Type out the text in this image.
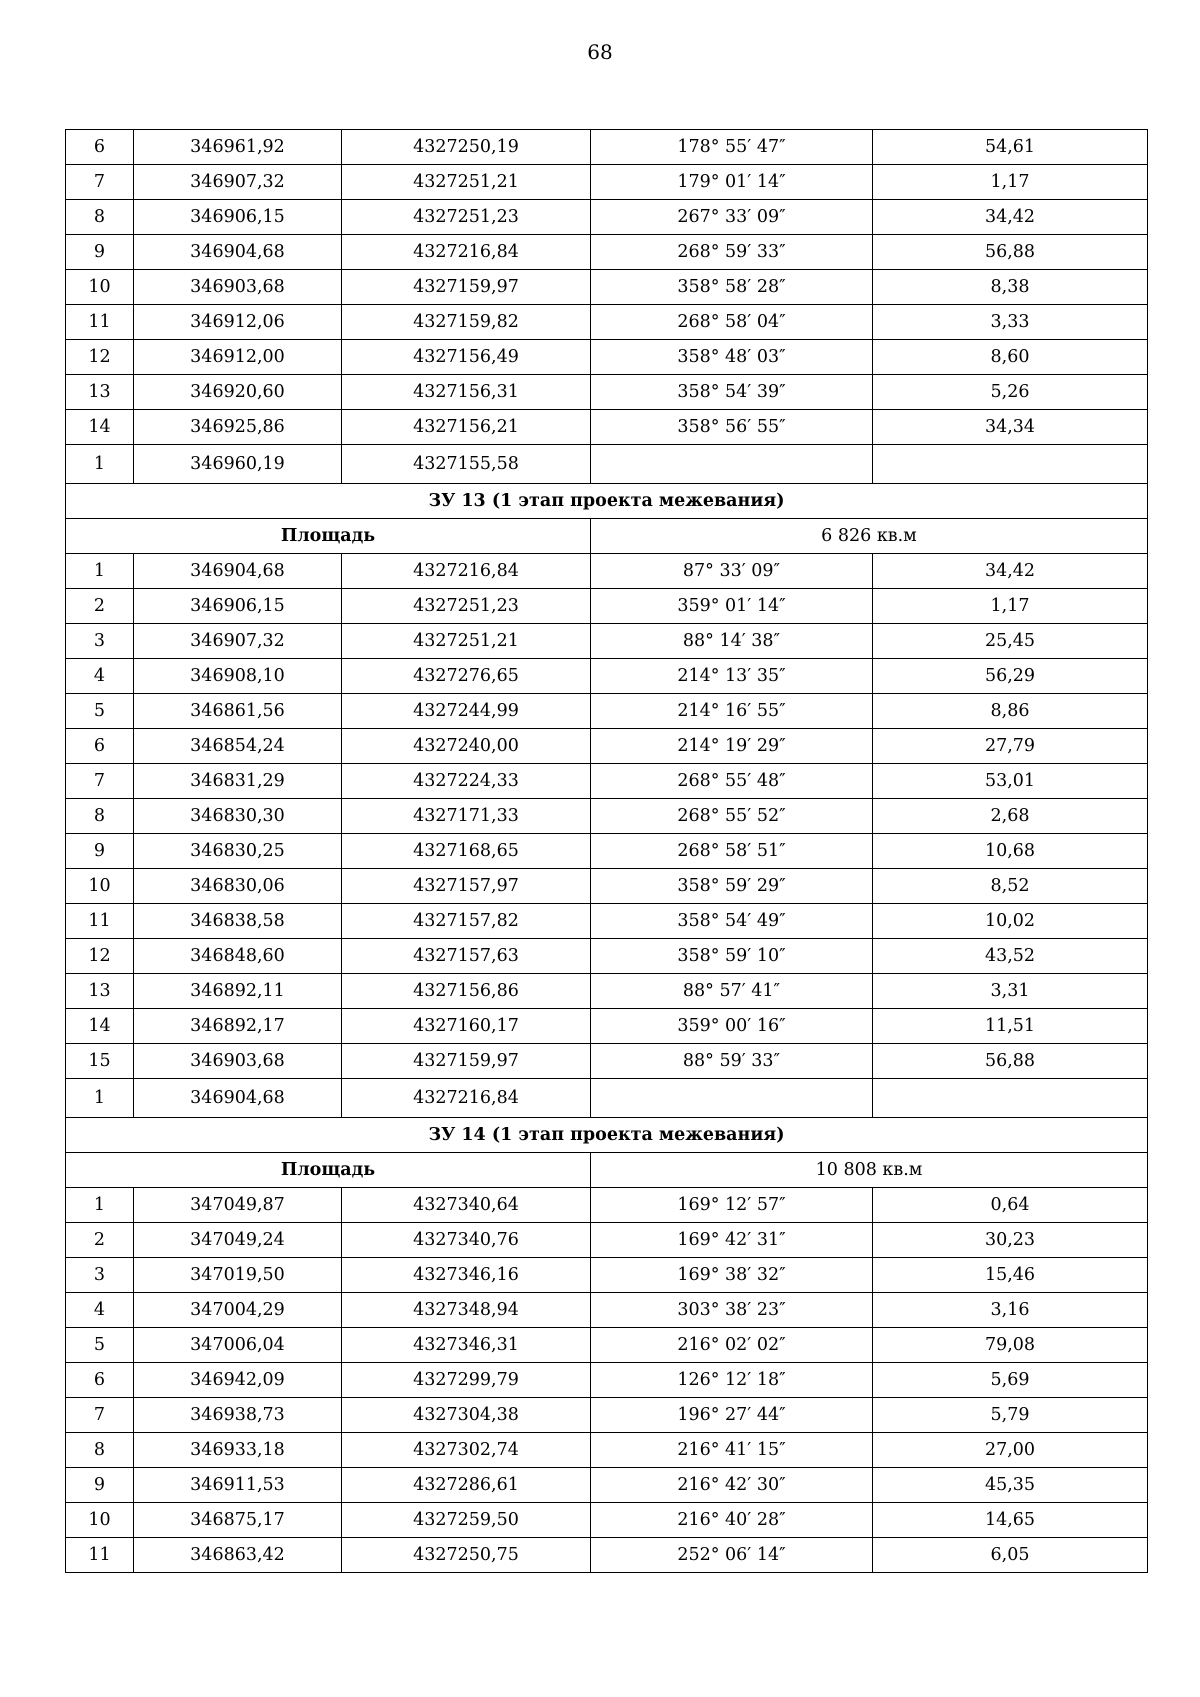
68
6	346961,92	4327250,19	178° 55′ 47″	54,61
7	346907,32	4327251,21	179° 01′ 14″	1,17
8	346906,15	4327251,23	267° 33′ 09″	34,42
9	346904,68	4327216,84	268° 59′ 33″	56,88
10	346903,68	4327159,97	358° 58′ 28″	8,38
11	346912,06	4327159,82	268° 58′ 04″	3,33
12	346912,00	4327156,49	358° 48′ 03″	8,60
13	346920,60	4327156,31	358° 54′ 39″	5,26
14	346925,86	4327156,21	358° 56′ 55″	34,34
1	346960,19	4327155,58		
ЗУ 13 (1 этап проекта межевания)				
Площадь			6 826 кв.м	
1	346904,68	4327216,84	87° 33′ 09″	34,42
2	346906,15	4327251,23	359° 01′ 14″	1,17
3	346907,32	4327251,21	88° 14′ 38″	25,45
4	346908,10	4327276,65	214° 13′ 35″	56,29
5	346861,56	4327244,99	214° 16′ 55″	8,86
6	346854,24	4327240,00	214° 19′ 29″	27,79
7	346831,29	4327224,33	268° 55′ 48″	53,01
8	346830,30	4327171,33	268° 55′ 52″	2,68
9	346830,25	4327168,65	268° 58′ 51″	10,68
10	346830,06	4327157,97	358° 59′ 29″	8,52
11	346838,58	4327157,82	358° 54′ 49″	10,02
12	346848,60	4327157,63	358° 59′ 10″	43,52
13	346892,11	4327156,86	88° 57′ 41″	3,31
14	346892,17	4327160,17	359° 00′ 16″	11,51
15	346903,68	4327159,97	88° 59′ 33″	56,88
1	346904,68	4327216,84		
ЗУ 14 (1 этап проекта межевания)				
Площадь			10 808 кв.м	
1	347049,87	4327340,64	169° 12′ 57″	0,64
2	347049,24	4327340,76	169° 42′ 31″	30,23
3	347019,50	4327346,16	169° 38′ 32″	15,46
4	347004,29	4327348,94	303° 38′ 23″	3,16
5	347006,04	4327346,31	216° 02′ 02″	79,08
6	346942,09	4327299,79	126° 12′ 18″	5,69
7	346938,73	4327304,38	196° 27′ 44″	5,79
8	346933,18	4327302,74	216° 41′ 15″	27,00
9	346911,53	4327286,61	216° 42′ 30″	45,35
10	346875,17	4327259,50	216° 40′ 28″	14,65
11	346863,42	4327250,75	252° 06′ 14″	6,05
